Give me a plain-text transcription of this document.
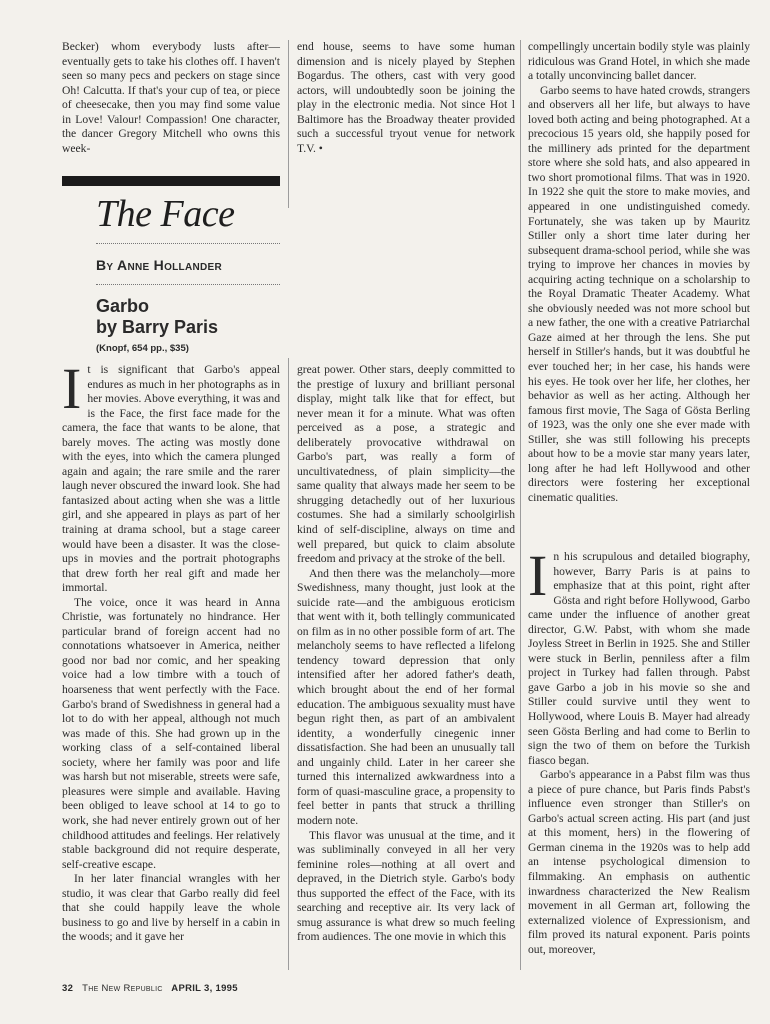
Becker) whom everybody lusts after—eventually gets to take his clothes off. I haven't seen so many pecs and peckers on stage since Oh! Calcutta. If that's your cup of tea, or piece of cheesecake, then you may find some value in Love! Valour! Compassion! One character, the dancer Gregory Mitchell who owns this week-

end house, seems to have some human dimension and is nicely played by Stephen Bogardus. The others, cast with very good actors, will undoubtedly soon be joining the play in the electronic media. Not since Hot l Baltimore has the Broadway theater provided such a successful tryout venue for network T.V. •

The Face
By Anne Hollander
Garbo
by Barry Paris
(Knopf, 654 pp., $35)
I t is significant that Garbo's appeal endures as much in her photographs as in her movies. Above everything, it was and is the Face, the first face made for the camera, the face that wants to be alone, that barely moves. The acting was mostly done with the eyes, into which the camera plunged again and again; the rare smile and the rarer laugh never obscured the inward look. She had fantasized about acting when she was a little girl, and she appeared in plays as part of her training at drama school, but a stage career would have been a disaster. It was the close-ups in movies and the portrait photographs that drew forth her real gift and made her immortal.

The voice, once it was heard in Anna Christie, was fortunately no hindrance. Her particular brand of foreign accent had no connotations whatsoever in America, neither good nor bad nor comic, and her speaking voice had a low timbre with a touch of hoarseness that went perfectly with the Face. Garbo's brand of Swedishness in general had a lot to do with her appeal, although not much was made of this. She had grown up in the working class of a self-contained liberal society, where her family was poor and life was harsh but not miserable, streets were safe, pleasures were simple and available. Having been obliged to leave school at 14 to go to work, she had never entirely grown out of her childhood attitudes and feelings. Her relatively stable background did not require desperate, self-creative escape.

In her later financial wrangles with her studio, it was clear that Garbo really did feel that she could happily leave the whole business to go and live by herself in a cabin in the woods; and it gave her

great power. Other stars, deeply committed to the prestige of luxury and brilliant personal display, might talk like that for effect, but never mean it for a minute. What was often perceived as a pose, a strategic and deliberately provocative withdrawal on Garbo's part, was really a form of uncultivatedness, of plain simplicity—the same quality that always made her seem to be shrugging detachedly out of her luxurious costumes. She had a similarly schoolgirlish kind of self-discipline, always on time and well prepared, but quick to claim absolute freedom and privacy at the stroke of the bell.

And then there was the melancholy—more Swedishness, many thought, just look at the suicide rate—and the ambiguous eroticism that went with it, both tellingly communicated on film as in no other possible form of art. The melancholy seems to have reflected a lifelong tendency toward depression that only intensified after her adored father's death, which brought about the end of her formal education. The ambiguous sexuality must have begun right then, as part of an ambivalent identity, a wonderfully cinegenic inner dissatisfaction. She had been an unusually tall and ungainly child. Later in her career she turned this internalized awkwardness into a form of quasi-masculine grace, a propensity to feel better in pants that struck a thrilling modern note.

This flavor was unusual at the time, and it was subliminally conveyed in all her very feminine roles—nothing at all overt and depraved, in the Dietrich style. Garbo's body thus supported the effect of the Face, with its searching and receptive air. Its very lack of smug assurance is what drew so much feeling from audiences. The one movie in which this

compellingly uncertain bodily style was plainly ridiculous was Grand Hotel, in which she made a totally unconvincing ballet dancer.

Garbo seems to have hated crowds, strangers and observers all her life, but always to have loved both acting and being photographed. At a precocious 15 years old, she happily posed for the millinery ads printed for the department store where she sold hats, and also appeared in two short promotional films. That was in 1920. In 1922 she quit the store to make movies, and appeared in one undistinguished comedy. Fortunately, she was taken up by Mauritz Stiller only a short time later during her subsequent drama-school period, while she was trying to improve her chances in movies by acquiring acting technique on a scholarship to the Royal Dramatic Theater Academy. What she obviously needed was not more school but a new father, the one with a creative Patriarchal Gaze aimed at her through the lens. She put herself in Stiller's hands, but it was doubtful he ever touched her; in her case, his hands were his eyes. He took over her life, her clothes, her behavior as well as her acting. Although her famous first movie, The Saga of Gösta Berling of 1923, was the only one she ever made with Stiller, she was still following his precepts about how to be a movie star many years later, long after he had left Hollywood and other directors were fostering her exceptional cinematic qualities.

I n his scrupulous and detailed biography, however, Barry Paris is at pains to emphasize that at this point, right after Gösta and right before Hollywood, Garbo came under the influence of another great director, G.W. Pabst, with whom she made Joyless Street in Berlin in 1925. She and Stiller were stuck in Berlin, penniless after a film project in Turkey had fallen through. Pabst gave Garbo a job in his movie so she and Stiller could survive until they went to Hollywood, where Louis B. Mayer had already seen Gösta Berling and had come to Berlin to sign the two of them on before the Turkish fiasco began.

Garbo's appearance in a Pabst film was thus a piece of pure chance, but Paris finds Pabst's influence even stronger than Stiller's on Garbo's actual screen acting. His part (and just at this moment, hers) in the flowering of German cinema in the 1920s was to help add an intense psychological dimension to filmmaking. An emphasis on authentic inwardness characterized the New Realism movement in all German art, following the externalized violence of Expressionism, and film proved its natural exponent. Paris points out, moreover,

32 The New Republic APRIL 3, 1995
